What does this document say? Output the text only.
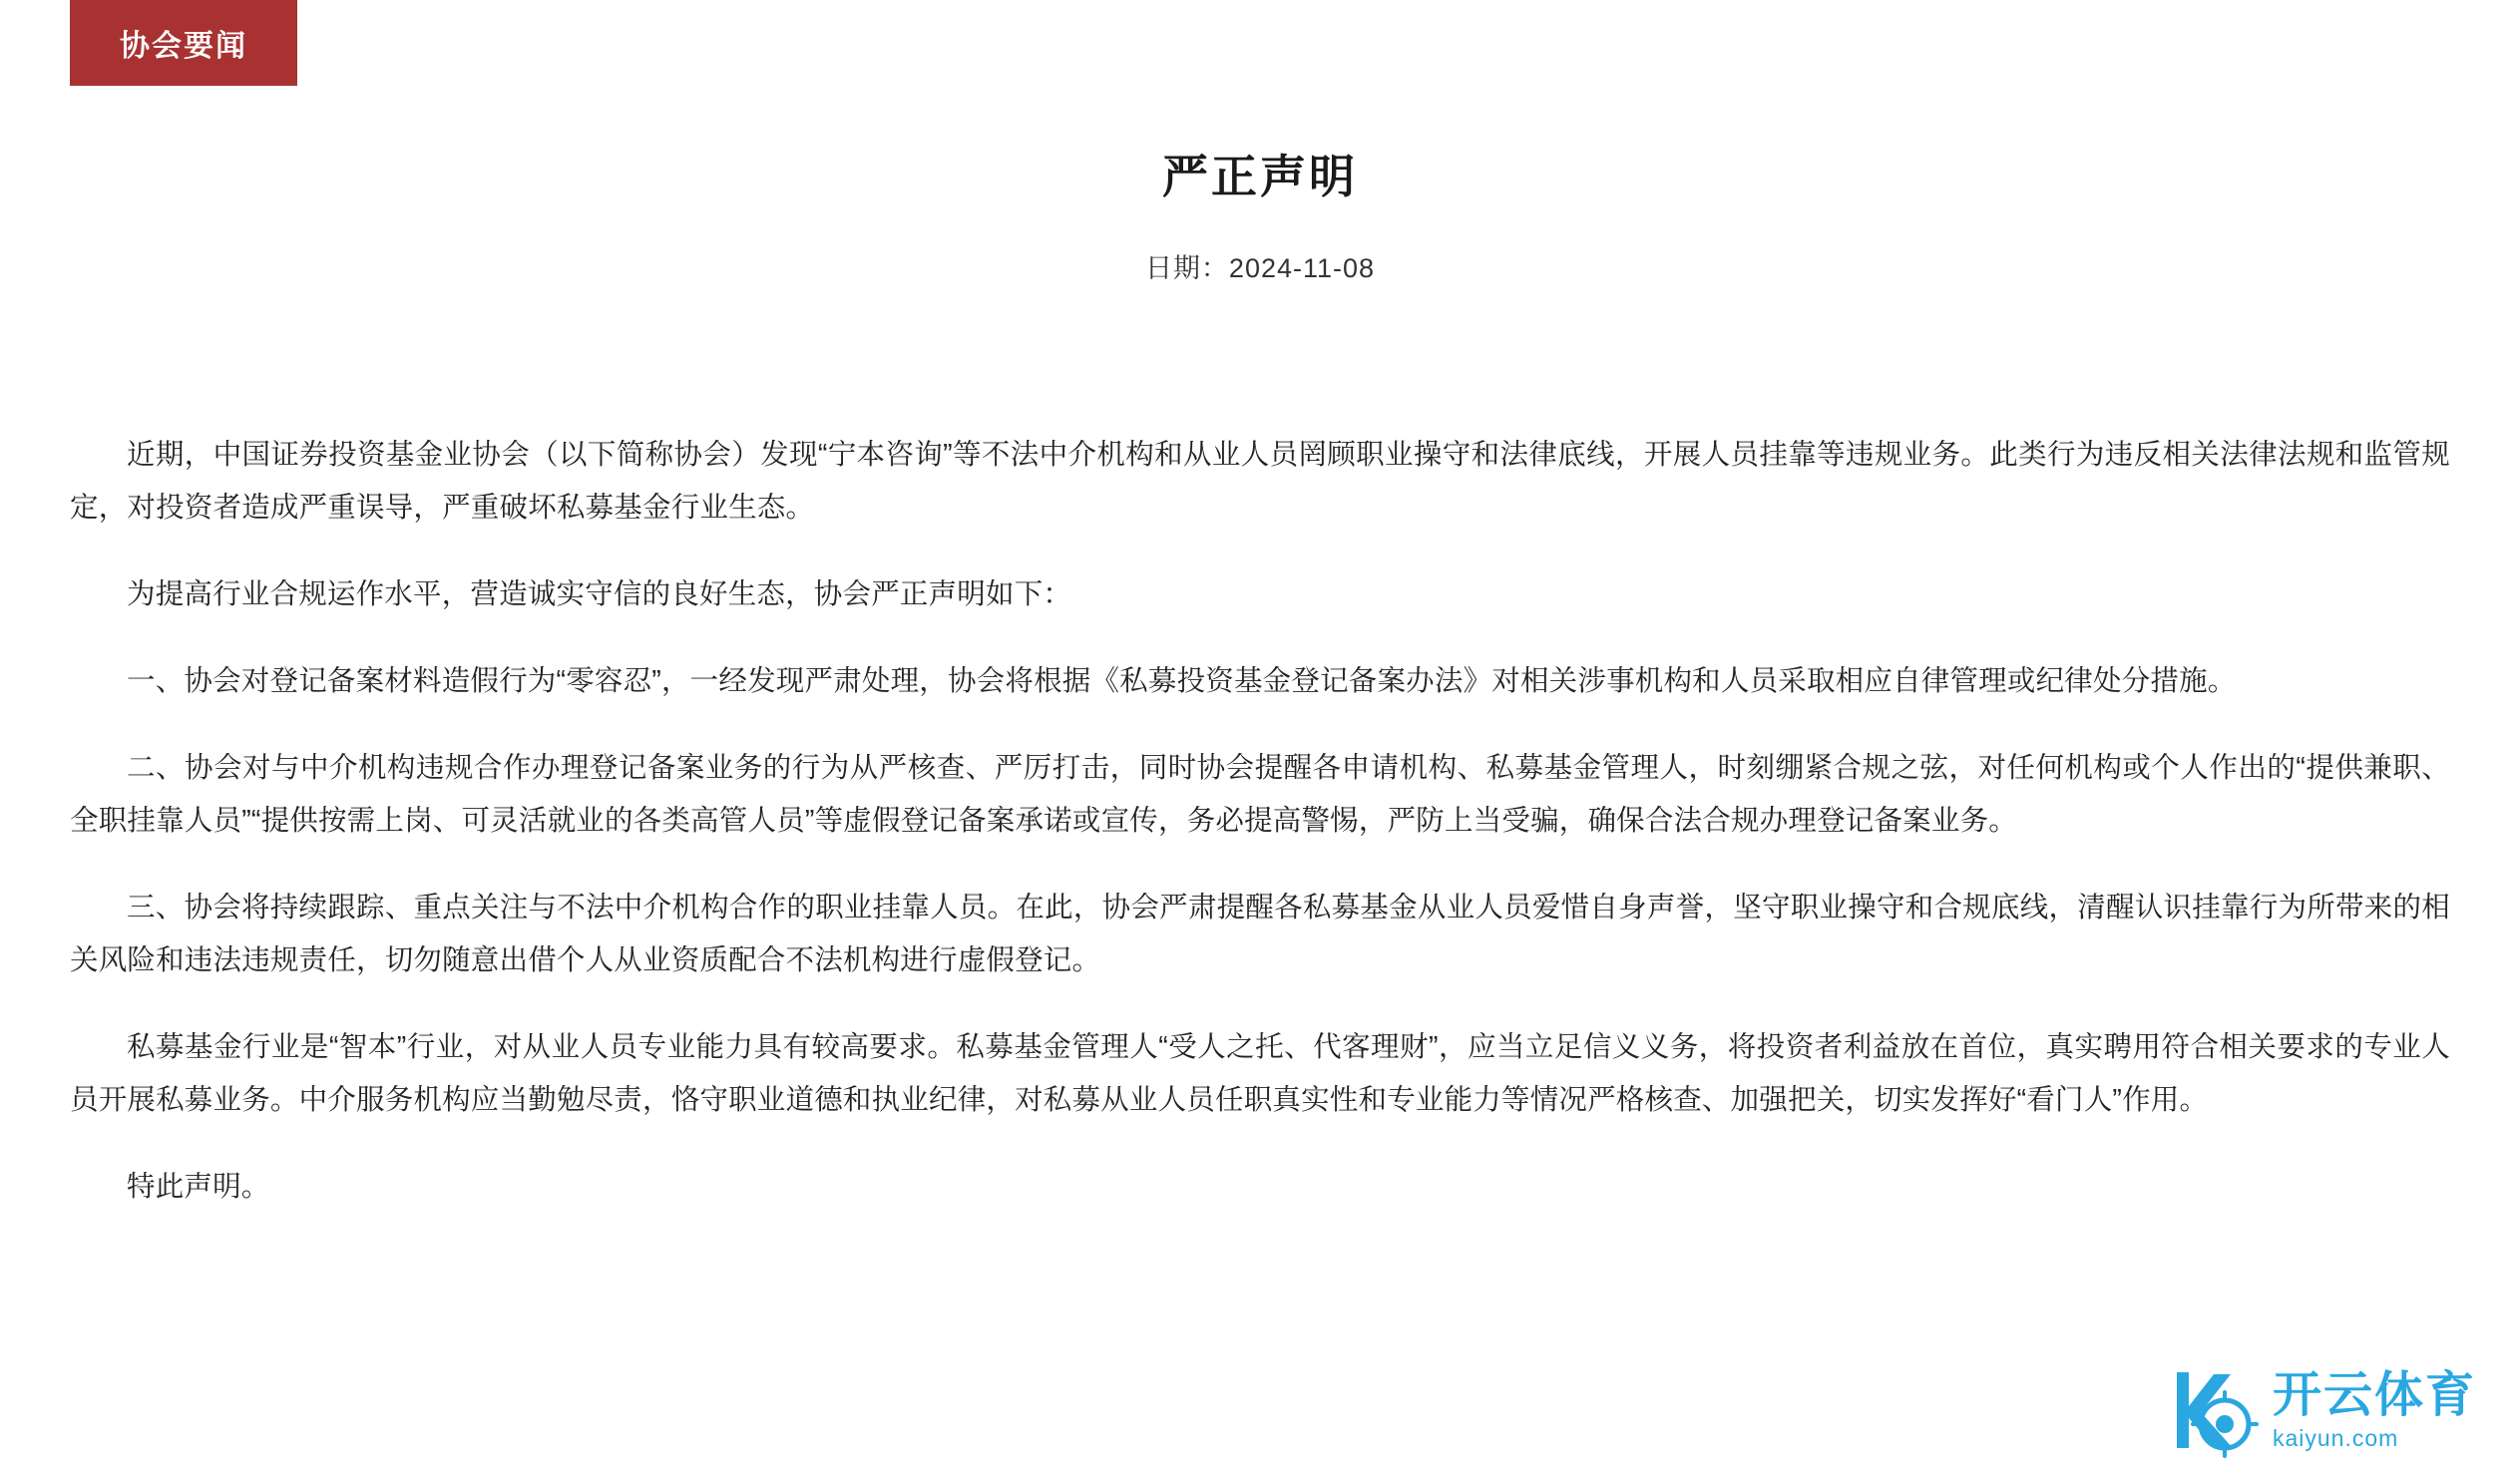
协会要闻
严正声明
日期：2024-11-08

近期，中国证券投资基金业协会（以下简称协会）发现“宁本咨询”等不法中介机构和从业人员罔顾职业操守和法律底线，开展人员挂靠等违规业务。此类行为违反相关法律法规和监管规定，对投资者造成严重误导，严重破坏私募基金行业生态。

为提高行业合规运作水平，营造诚实守信的良好生态，协会严正声明如下：

一、协会对登记备案材料造假行为“零容忍”，一经发现严肃处理，协会将根据《私募投资基金登记备案办法》对相关涉事机构和人员采取相应自律管理或纪律处分措施。

二、协会对与中介机构违规合作办理登记备案业务的行为从严核查、严厉打击，同时协会提醒各申请机构、私募基金管理人，时刻绷紧合规之弦，对任何机构或个人作出的“提供兼职、全职挂靠人员”“提供按需上岗、可灵活就业的各类高管人员”等虚假登记备案承诺或宣传，务必提高警惕，严防上当受骗，确保合法合规办理登记备案业务。

三、协会将持续跟踪、重点关注与不法中介机构合作的职业挂靠人员。在此，协会严肃提醒各私募基金从业人员爱惜自身声誉，坚守职业操守和合规底线，清醒认识挂靠行为所带来的相关风险和违法违规责任，切勿随意出借个人从业资质配合不法机构进行虚假登记。

私募基金行业是“智本”行业，对从业人员专业能力具有较高要求。私募基金管理人“受人之托、代客理财”，应当立足信义义务，将投资者利益放在首位，真实聘用符合相关要求的专业人员开展私募业务。中介服务机构应当勤勉尽责，恪守职业道德和执业纪律，对私募从业人员任职真实性和专业能力等情况严格核查、加强把关，切实发挥好“看门人”作用。

特此声明。

开云体育
kaiyun.com
